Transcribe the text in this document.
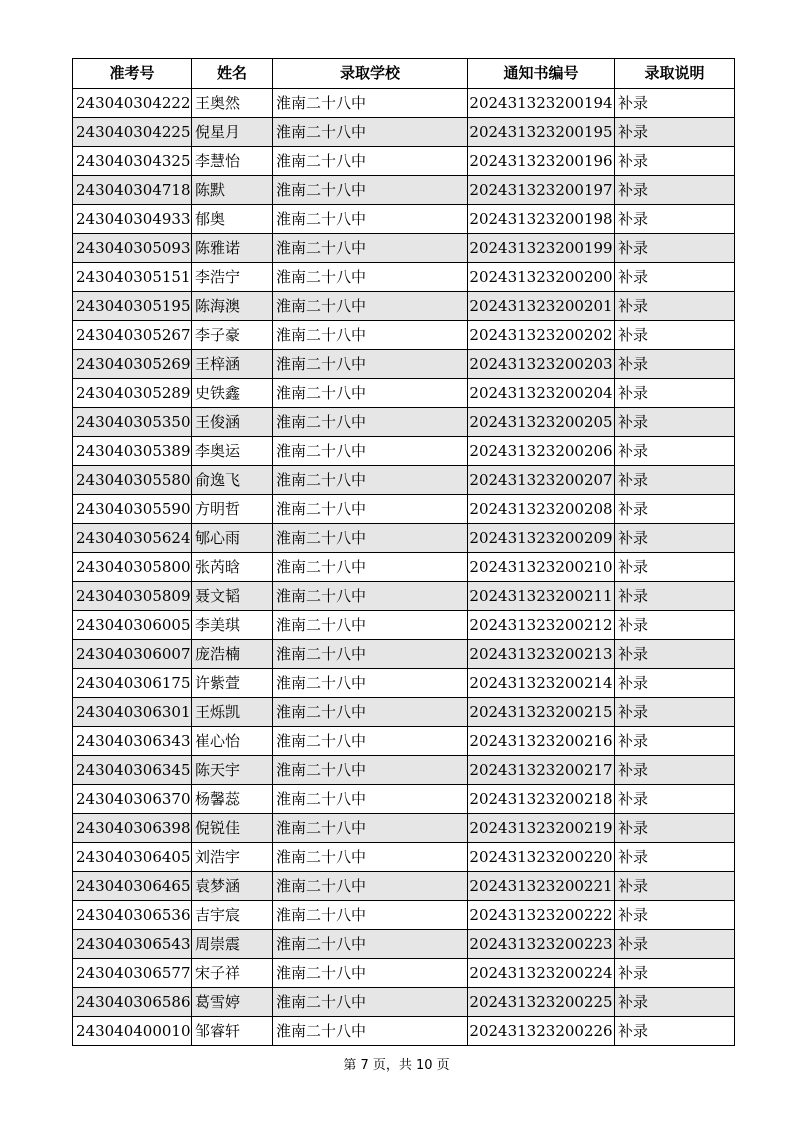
准考号	姓名	录取学校	通知书编号	录取说明
243040304222	王奥然	淮南二十八中	202431323200194	补录
243040304225	倪星月	淮南二十八中	202431323200195	补录
243040304325	李慧怡	淮南二十八中	202431323200196	补录
243040304718	陈默	淮南二十八中	202431323200197	补录
243040304933	郁奥	淮南二十八中	202431323200198	补录
243040305093	陈雅诺	淮南二十八中	202431323200199	补录
243040305151	李浩宁	淮南二十八中	202431323200200	补录
243040305195	陈海澳	淮南二十八中	202431323200201	补录
243040305267	李子豪	淮南二十八中	202431323200202	补录
243040305269	王梓涵	淮南二十八中	202431323200203	补录
243040305289	史铁鑫	淮南二十八中	202431323200204	补录
243040305350	王俊涵	淮南二十八中	202431323200205	补录
243040305389	李奥运	淮南二十八中	202431323200206	补录
243040305580	俞逸飞	淮南二十八中	202431323200207	补录
243040305590	方明哲	淮南二十八中	202431323200208	补录
243040305624	郇心雨	淮南二十八中	202431323200209	补录
243040305800	张芮晗	淮南二十八中	202431323200210	补录
243040305809	聂文韬	淮南二十八中	202431323200211	补录
243040306005	李美琪	淮南二十八中	202431323200212	补录
243040306007	庞浩楠	淮南二十八中	202431323200213	补录
243040306175	许紫萱	淮南二十八中	202431323200214	补录
243040306301	王烁凯	淮南二十八中	202431323200215	补录
243040306343	崔心怡	淮南二十八中	202431323200216	补录
243040306345	陈天宇	淮南二十八中	202431323200217	补录
243040306370	杨馨蕊	淮南二十八中	202431323200218	补录
243040306398	倪锐佳	淮南二十八中	202431323200219	补录
243040306405	刘浩宇	淮南二十八中	202431323200220	补录
243040306465	袁梦涵	淮南二十八中	202431323200221	补录
243040306536	吉宇宸	淮南二十八中	202431323200222	补录
243040306543	周崇震	淮南二十八中	202431323200223	补录
243040306577	宋子祥	淮南二十八中	202431323200224	补录
243040306586	葛雪婷	淮南二十八中	202431323200225	补录
243040400010	邹睿轩	淮南二十八中	202431323200226	补录
第 7 页，共 10 页
